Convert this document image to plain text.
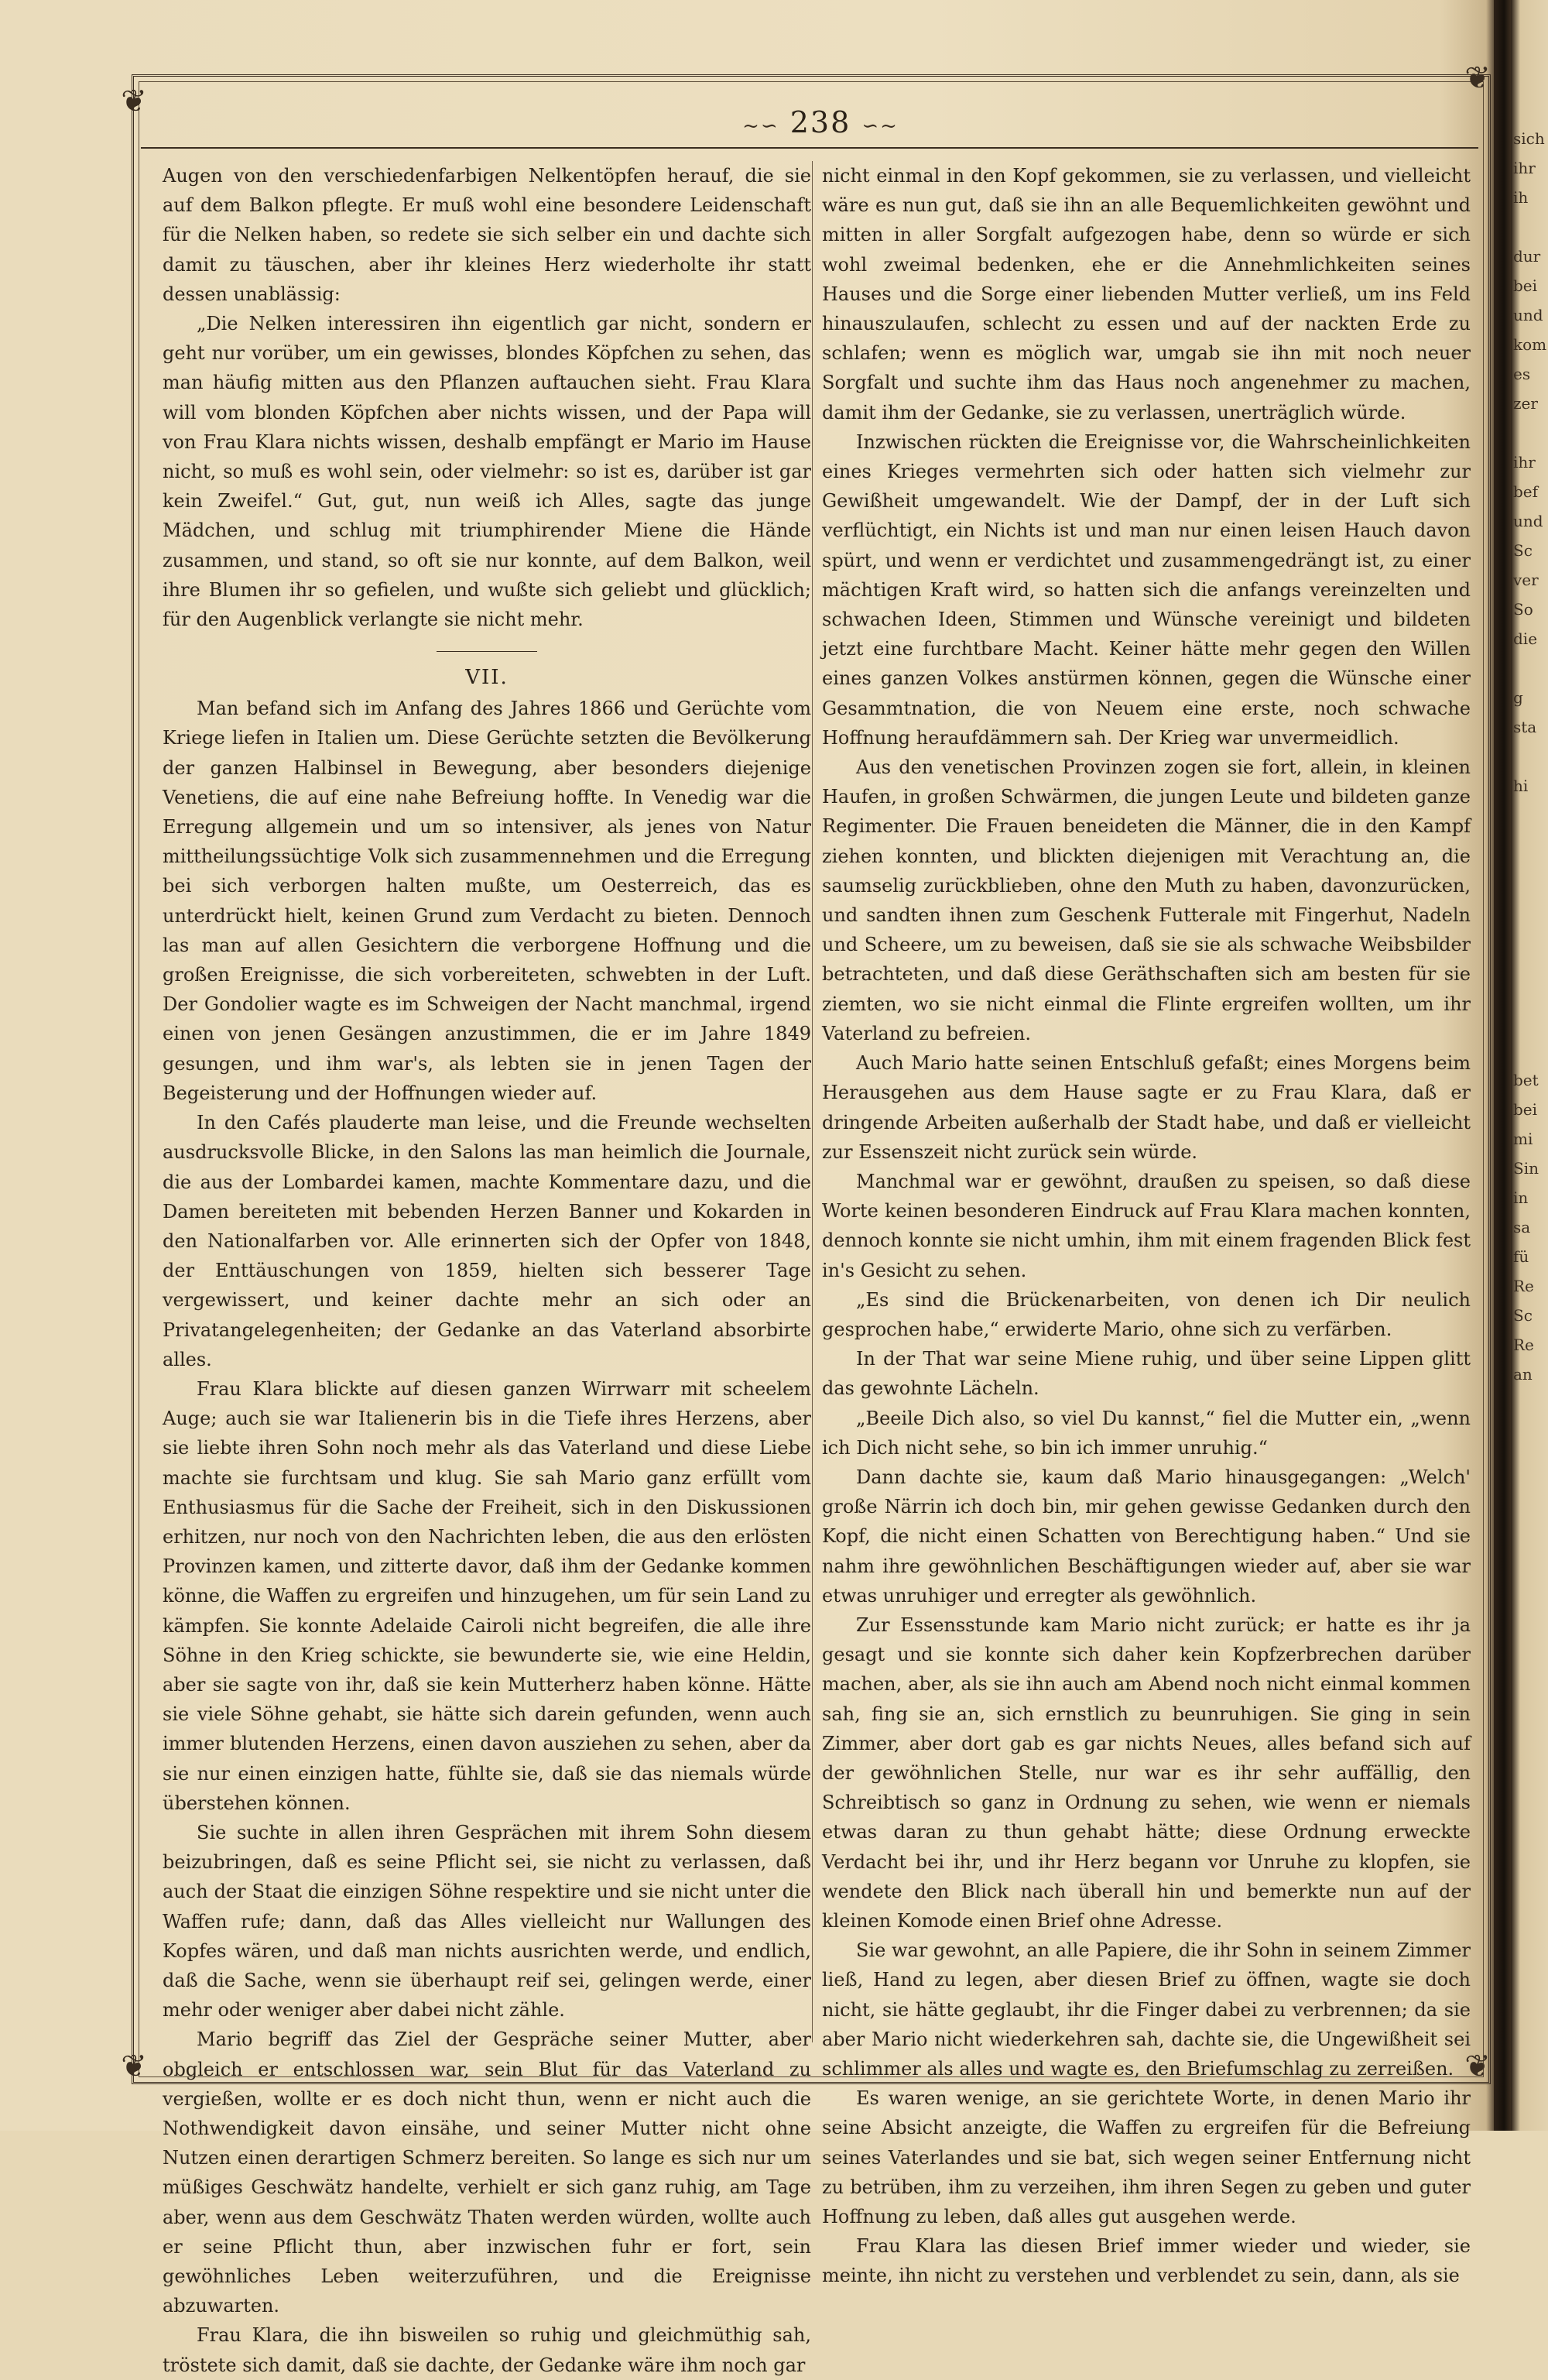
sich
ihr
ih
dur
bei
und
kom
es
zer
ihr
bef
und
Sc
ver
So
die
g
sta
hi
bet
bei
mi
Sin
in
sa
fü
Re
Sc
Re
an
❦
❦
❦	❦
~∽ 238 ∽~

Augen von den verschiedenfarbigen Nelkentöpfen herauf, die sie auf dem Balkon pflegte. Er muß wohl eine besondere Leidenschaft für die Nelken haben, so redete sie sich selber ein und dachte sich damit zu täuschen, aber ihr kleines Herz wiederholte ihr statt dessen unablässig:

„Die Nelken interessiren ihn eigentlich gar nicht, sondern er geht nur vorüber, um ein gewisses, blondes Köpfchen zu sehen, das man häufig mitten aus den Pflanzen auftauchen sieht. Frau Klara will vom blonden Köpfchen aber nichts wissen, und der Papa will von Frau Klara nichts wissen, deshalb empfängt er Mario im Hause nicht, so muß es wohl sein, oder vielmehr: so ist es, darüber ist gar kein Zweifel.“ Gut, gut, nun weiß ich Alles, sagte das junge Mädchen, und schlug mit triumphirender Miene die Hände zusammen, und stand, so oft sie nur konnte, auf dem Balkon, weil ihre Blumen ihr so gefielen, und wußte sich geliebt und glücklich; für den Augenblick verlangte sie nicht mehr.

VII.

Man befand sich im Anfang des Jahres 1866 und Gerüchte vom Kriege liefen in Italien um. Diese Gerüchte setzten die Bevölkerung der ganzen Halbinsel in Bewegung, aber besonders diejenige Venetiens, die auf eine nahe Befreiung hoffte. In Venedig war die Erregung allgemein und um so intensiver, als jenes von Natur mittheilungssüchtige Volk sich zusammennehmen und die Erregung bei sich verborgen halten mußte, um Oesterreich, das es unterdrückt hielt, keinen Grund zum Verdacht zu bieten. Dennoch las man auf allen Gesichtern die verborgene Hoffnung und die großen Ereignisse, die sich vorbereiteten, schwebten in der Luft. Der Gondolier wagte es im Schweigen der Nacht manchmal, irgend einen von jenen Gesängen anzustimmen, die er im Jahre 1849 gesungen, und ihm war's, als lebten sie in jenen Tagen der Begeisterung und der Hoffnungen wieder auf.

In den Cafés plauderte man leise, und die Freunde wechselten ausdrucksvolle Blicke, in den Salons las man heimlich die Journale, die aus der Lombardei kamen, machte Kommentare dazu, und die Damen bereiteten mit bebenden Herzen Banner und Kokarden in den Nationalfarben vor. Alle erinnerten sich der Opfer von 1848, der Enttäuschungen von 1859, hielten sich besserer Tage vergewissert, und keiner dachte mehr an sich oder an Privatangelegenheiten; der Gedanke an das Vaterland absorbirte alles.

Frau Klara blickte auf diesen ganzen Wirrwarr mit scheelem Auge; auch sie war Italienerin bis in die Tiefe ihres Herzens, aber sie liebte ihren Sohn noch mehr als das Vaterland und diese Liebe machte sie furchtsam und klug. Sie sah Mario ganz erfüllt vom Enthusiasmus für die Sache der Freiheit, sich in den Diskussionen erhitzen, nur noch von den Nachrichten leben, die aus den erlösten Provinzen kamen, und zitterte davor, daß ihm der Gedanke kommen könne, die Waffen zu ergreifen und hinzugehen, um für sein Land zu kämpfen. Sie konnte Adelaide Cairoli nicht begreifen, die alle ihre Söhne in den Krieg schickte, sie bewunderte sie, wie eine Heldin, aber sie sagte von ihr, daß sie kein Mutterherz haben könne. Hätte sie viele Söhne gehabt, sie hätte sich darein gefunden, wenn auch immer blutenden Herzens, einen davon ausziehen zu sehen, aber da sie nur einen einzigen hatte, fühlte sie, daß sie das niemals würde überstehen können.

Sie suchte in allen ihren Gesprächen mit ihrem Sohn diesem beizubringen, daß es seine Pflicht sei, sie nicht zu verlassen, daß auch der Staat die einzigen Söhne respektire und sie nicht unter die Waffen rufe; dann, daß das Alles vielleicht nur Wallungen des Kopfes wären, und daß man nichts ausrichten werde, und endlich, daß die Sache, wenn sie überhaupt reif sei, gelingen werde, einer mehr oder weniger aber dabei nicht zähle.

Mario begriff das Ziel der Gespräche seiner Mutter, aber obgleich er entschlossen war, sein Blut für das Vaterland zu vergießen, wollte er es doch nicht thun, wenn er nicht auch die Nothwendigkeit davon einsähe, und seiner Mutter nicht ohne Nutzen einen derartigen Schmerz bereiten. So lange es sich nur um müßiges Geschwätz handelte, verhielt er sich ganz ruhig, am Tage aber, wenn aus dem Geschwätz Thaten werden würden, wollte auch er seine Pflicht thun, aber inzwischen fuhr er fort, sein gewöhnliches Leben weiterzuführen, und die Ereignisse abzuwarten.

Frau Klara, die ihn bisweilen so ruhig und gleichmüthig sah, tröstete sich damit, daß sie dachte, der Gedanke wäre ihm noch gar

nicht einmal in den Kopf gekommen, sie zu verlassen, und vielleicht wäre es nun gut, daß sie ihn an alle Bequemlichkeiten gewöhnt und mitten in aller Sorgfalt aufgezogen habe, denn so würde er sich wohl zweimal bedenken, ehe er die Annehmlichkeiten seines Hauses und die Sorge einer liebenden Mutter verließ, um ins Feld hinauszulaufen, schlecht zu essen und auf der nackten Erde zu schlafen; wenn es möglich war, umgab sie ihn mit noch neuer Sorgfalt und suchte ihm das Haus noch angenehmer zu machen, damit ihm der Gedanke, sie zu verlassen, unerträglich würde.

Inzwischen rückten die Ereignisse vor, die Wahrscheinlichkeiten eines Krieges vermehrten sich oder hatten sich vielmehr zur Gewißheit umgewandelt. Wie der Dampf, der in der Luft sich verflüchtigt, ein Nichts ist und man nur einen leisen Hauch davon spürt, und wenn er verdichtet und zusammengedrängt ist, zu einer mächtigen Kraft wird, so hatten sich die anfangs vereinzelten und schwachen Ideen, Stimmen und Wünsche vereinigt und bildeten jetzt eine furchtbare Macht. Keiner hätte mehr gegen den Willen eines ganzen Volkes anstürmen können, gegen die Wünsche einer Gesammtnation, die von Neuem eine erste, noch schwache Hoffnung heraufdämmern sah. Der Krieg war unvermeidlich.

Aus den venetischen Provinzen zogen sie fort, allein, in kleinen Haufen, in großen Schwärmen, die jungen Leute und bildeten ganze Regimenter. Die Frauen beneideten die Männer, die in den Kampf ziehen konnten, und blickten diejenigen mit Verachtung an, die saumselig zurückblieben, ohne den Muth zu haben, davonzurücken, und sandten ihnen zum Geschenk Futterale mit Fingerhut, Nadeln und Scheere, um zu beweisen, daß sie sie als schwache Weibsbilder betrachteten, und daß diese Geräthschaften sich am besten für sie ziemten, wo sie nicht einmal die Flinte ergreifen wollten, um ihr Vaterland zu befreien.

Auch Mario hatte seinen Entschluß gefaßt; eines Morgens beim Herausgehen aus dem Hause sagte er zu Frau Klara, daß er dringende Arbeiten außerhalb der Stadt habe, und daß er vielleicht zur Essenszeit nicht zurück sein würde.

Manchmal war er gewöhnt, draußen zu speisen, so daß diese Worte keinen besonderen Eindruck auf Frau Klara machen konnten, dennoch konnte sie nicht umhin, ihm mit einem fragenden Blick fest in's Gesicht zu sehen.

„Es sind die Brückenarbeiten, von denen ich Dir neulich gesprochen habe,“ erwiderte Mario, ohne sich zu verfärben.

In der That war seine Miene ruhig, und über seine Lippen glitt das gewohnte Lächeln.

„Beeile Dich also, so viel Du kannst,“ fiel die Mutter ein, „wenn ich Dich nicht sehe, so bin ich immer unruhig.“

Dann dachte sie, kaum daß Mario hinausgegangen: „Welch' große Närrin ich doch bin, mir gehen gewisse Gedanken durch den Kopf, die nicht einen Schatten von Berechtigung haben.“ Und sie nahm ihre gewöhnlichen Beschäftigungen wieder auf, aber sie war etwas unruhiger und erregter als gewöhnlich.

Zur Essensstunde kam Mario nicht zurück; er hatte es ihr ja gesagt und sie konnte sich daher kein Kopfzerbrechen darüber machen, aber, als sie ihn auch am Abend noch nicht einmal kommen sah, fing sie an, sich ernstlich zu beunruhigen. Sie ging in sein Zimmer, aber dort gab es gar nichts Neues, alles befand sich auf der gewöhnlichen Stelle, nur war es ihr sehr auffällig, den Schreibtisch so ganz in Ordnung zu sehen, wie wenn er niemals etwas daran zu thun gehabt hätte; diese Ordnung erweckte Verdacht bei ihr, und ihr Herz begann vor Unruhe zu klopfen, sie wendete den Blick nach überall hin und bemerkte nun auf der kleinen Komode einen Brief ohne Adresse.

Sie war gewohnt, an alle Papiere, die ihr Sohn in seinem Zimmer ließ, Hand zu legen, aber diesen Brief zu öffnen, wagte sie doch nicht, sie hätte geglaubt, ihr die Finger dabei zu verbrennen; da sie aber Mario nicht wiederkehren sah, dachte sie, die Ungewißheit sei schlimmer als alles und wagte es, den Briefumschlag zu zerreißen.

Es waren wenige, an sie gerichtete Worte, in denen Mario ihr seine Absicht anzeigte, die Waffen zu ergreifen für die Befreiung seines Vaterlandes und sie bat, sich wegen seiner Entfernung nicht zu betrüben, ihm zu verzeihen, ihm ihren Segen zu geben und guter Hoffnung zu leben, daß alles gut ausgehen werde.

Frau Klara las diesen Brief immer wieder und wieder, sie meinte, ihn nicht zu verstehen und verblendet zu sein, dann, als sie
